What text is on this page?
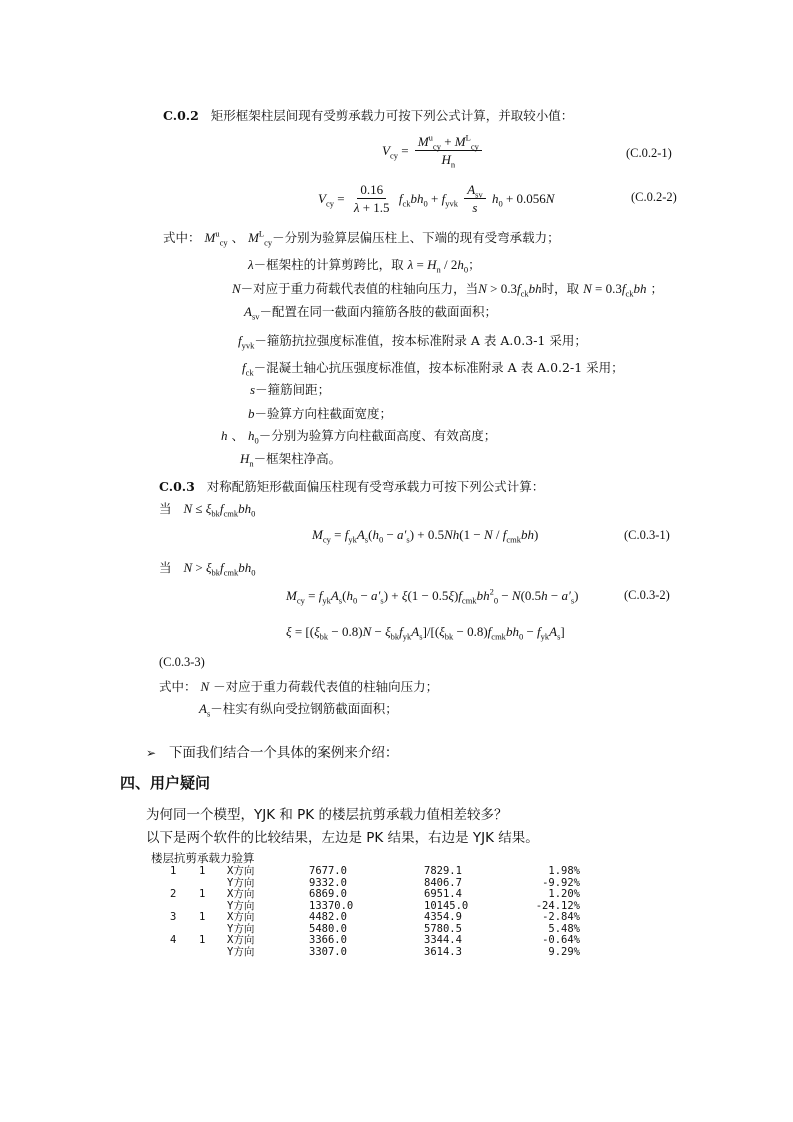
C.0.2 矩形框架柱层间现有受剪承载力可按下列公式计算，并取较小值：
$V_{cy} = \frac{M^u_{cy} + M^L_{cy}}{H_n}$	(C.0.2-1)
$V_{cy} = \frac{0.16}{\lambda + 1.5} f_{ck}bh_0 + f_{yvk} \frac{A_{sv}}{s} h_0 + 0.056N$	(C.0.2-2)
式中： $M^u_{cy}$ 、 $M^L_{cy}-$分别为验算层偏压柱上、下端的现有受弯承载力；
λ－框架柱的计算剪跨比，取 $\lambda = H_n / 2h_0$；
N－对应于重力荷载代表值的柱轴向压力，当$N > 0.3f_{ck}bh$时，取 $N = 0.3f_{ck}bh$ ；
$A_{sv}-$配置在同一截面内箍筋各肢的截面面积；
$f_{yvk}-$箍筋抗拉强度标准值，按本标准附录 A 表 A.0.3-1 采用；
$f_{ck}-$混凝土轴心抗压强度标准值，按本标准附录 A 表 A.0.2-1 采用；
s－箍筋间距；
b－验算方向柱截面宽度；
h 、 $h_0-$分别为验算方向柱截面高度、有效高度；
$H_n-$框架柱净高。
C.0.3 对称配筋矩形截面偏压柱现有受弯承载力可按下列公式计算：
当 $N \le \xi_{bk}f_{cmk}bh_0$
$M_{cy} = f_{yk}A_s(h_0 - a'_s) + 0.5Nh(1 - N / f_{cmk}bh)$	(C.0.3-1)
当 $N > \xi_{bk}f_{cmk}bh_0$
$M_{cy} = f_{yk}A_s(h_0 - a'_s) + \xi(1 - 0.5\xi)f_{cmk}bh^2_0 - N(0.5h - a'_s)$	(C.0.3-2)
$\xi = [(\xi_{bk} - 0.8)N - \xi_{bk}f_{yk}A_s]/[(\xi_{bk} - 0.8)f_{cmk}bh_0 - f_{yk}A_s]$
(C.0.3-3)
式中： N －对应于重力荷载代表值的柱轴向压力；
$A_s-$柱实有纵向受拉钢筋截面面积；
➢ 下面我们结合一个具体的案例来介绍：
四、用户疑问
为何同一个模型，YJK 和 PK 的楼层抗剪承载力值相差较多？
以下是两个软件的比较结果，左边是 PK 结果，右边是 YJK 结果。
楼层抗剪承载力验算
1 1 X方向	7677.0	7829.1	1.98%
Y方向	9332.0	8406.7	-9.92%
2 1 X方向	6869.0	6951.4	1.20%
Y方向	13370.0	10145.0	-24.12%
3 1 X方向	4482.0	4354.9	-2.84%
Y方向	5480.0	5780.5	5.48%
4 1 X方向	3366.0	3344.4	-0.64%
Y方向	3307.0	3614.3	9.29%
